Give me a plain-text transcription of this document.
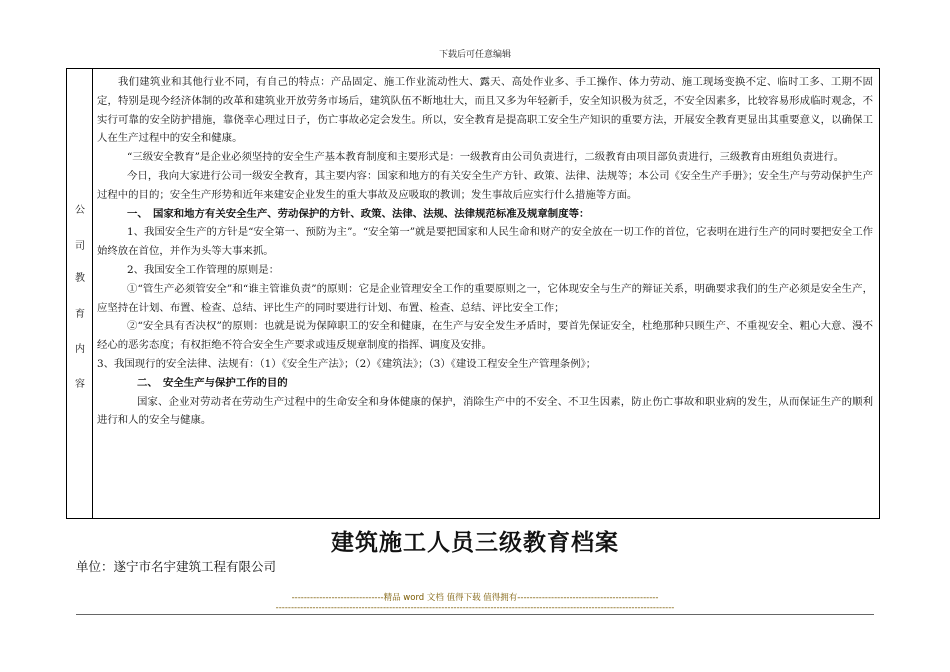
下载后可任意编辑
公
司
教
育
内
容

我们建筑业和其他行业不同，有自己的特点：产品固定、施工作业流动性大、露天、高处作业多、手工操作、体力劳动、施工现场变换不定、临时工多、工期不固定，特别是现今经济体制的改革和建筑业开放劳务市场后，建筑队伍不断地壮大，而且又多为年轻新手，安全知识极为贫乏，不安全因素多，比较容易形成临时观念，不实行可靠的安全防护措施，靠侥幸心理过日子，伤亡事故必定会发生。所以，安全教育是提高职工安全生产知识的重要方法，开展安全教育更显出其重要意义，以确保工人在生产过程中的安全和健康。

“三级安全教育”是企业必须坚持的安全生产基本教育制度和主要形式是：一级教育由公司负责进行，二级教育由项目部负责进行，三级教育由班组负责进行。

今日，我向大家进行公司一级安全教育，其主要内容：国家和地方的有关安全生产方针、政策、法律、法规等；本公司《安全生产手册》；安全生产与劳动保护生产过程中的目的；安全生产形势和近年来建安企业发生的重大事故及应吸取的教训；发生事故后应实行什么措施等方面。

一、　国家和地方有关安全生产、劳动保护的方针、政策、法律、法规、法律规范标准及规章制度等：

1、我国安全生产的方针是“安全第一、预防为主”。“安全第一”就是要把国家和人民生命和财产的安全放在一切工作的首位，它表明在进行生产的同时要把安全工作始终放在首位，并作为头等大事来抓。

2、我国安全工作管理的原则是：

①“管生产必须管安全”和“谁主管谁负责”的原则：它是企业管理安全工作的重要原则之一，它体现安全与生产的辩证关系，明确要求我们的生产必须是安全生产，应坚持在计划、布置、检查、总结、评比生产的同时要进行计划、布置、检查、总结、评比安全工作；

②“安全具有否决权”的原则：也就是说为保障职工的安全和健康，在生产与安全发生矛盾时，要首先保证安全，杜绝那种只顾生产、不重视安全、粗心大意、漫不经心的恶劣态度；有权拒绝不符合安全生产要求或违反规章制度的指挥、调度及安排。

3、我国现行的安全法律、法规有：（1）《安全生产法》；（2）《建筑法》；（3）《建设工程安全生产管理条例》；

二、　安全生产与保护工作的目的

国家、企业对劳动者在劳动生产过程中的生命安全和身体健康的保护，消除生产中的不安全、不卫生因素，防止伤亡事故和职业病的发生，从而保证生产的顺利进行和人的安全与健康。

建筑施工人员三级教育档案
单位：遂宁市名宇建筑工程有限公司
------------------------------精品 word 文档 值得下载 值得拥有----------------------------------------------
----------------------------------------------------------------------------------------------------------------------------------
